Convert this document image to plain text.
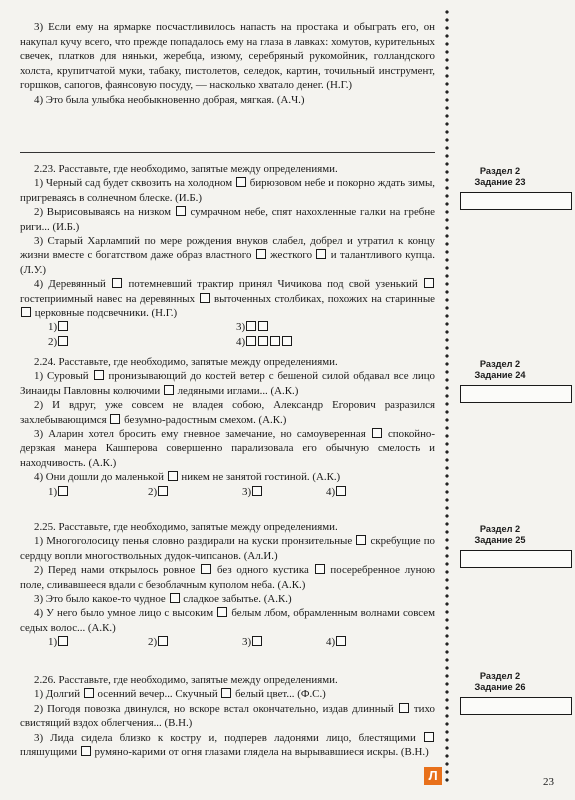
3) Если ему на ярмарке посчастливилось напасть на простака и обыграть его, он накупал кучу всего, что прежде попадалось ему на глаза в лавках: хомутов, курительных свечек, платков для няньки, жеребца, изюму, серебряный рукомойник, голландского холста, крупитчатой муки, табаку, пистолетов, селедок, картин, точильный инструмент, горшков, сапогов, фаянсовую посуду, — насколько хватало денег. (Н.Г.)

4) Это была улыбка необыкновенно добрая, мягкая. (А.Ч.)

2.23. Расставьте, где необходимо, запятые между определениями.

1) Черный сад будет сквозить на холодном  бирюзовом небе и покорно ждать зимы, пригреваясь в солнечном блеске. (И.Б.)

2) Вырисовываясь на низком  сумрачном небе, спят нахохленные галки на гребне риги... (И.Б.)

3) Старый Харлампий по мере рождения внуков слабел, добрел и утратил к концу жизни вместе с богатством даже образ властного  жесткого  и талантливого купца. (Л.У.)

4) Деревянный  потемневший трактир принял Чичикова под свой узенький  гостеприимный навес на деревянных  выточенных столбиках, похожих на старинные  церковные подсвечники. (Н.Г.)

1)	3)
2)	4)

2.24. Расставьте, где необходимо, запятые между определениями.

1) Суровый  пронизывающий до костей ветер с бешеной силой обдавал все лицо Зинаиды Павловны колючими  ледяными иглами... (А.К.)

2) И вдруг, уже совсем не владея собою, Александр Егорович разразился захлебывающимся  безумно-радостным смехом. (А.К.)

3) Аларин хотел бросить ему гневное замечание, но самоуверенная  спокойно-дерзкая манера Кашперова совершенно парализовала его обычную смелость и находчивость. (А.К.)

4) Они дошли до маленькой  никем не занятой гостиной. (А.К.)

1)	2)	3)	4)

2.25. Расставьте, где необходимо, запятые между определениями.

1) Многоголосицу пенья словно раздирали на куски пронзительные  скребущие по сердцу вопли многоствольных дудок-чипсанов. (Ал.И.)

2) Перед нами открылось ровное  без одного кустика  посеребренное луною поле, сливавшееся вдали с безоблачным куполом неба. (А.К.)

3) Это было какое-то чудное  сладкое забытье. (А.К.)

4) У него было умное лицо с высоким  белым лбом, обрамленным волнами совсем седых волос... (А.К.)

1)	2)	3)	4)

2.26. Расставьте, где необходимо, запятые между определениями.

1) Долгий  осенний вечер... Скучный  белый цвет... (Ф.С.)

2) Погодя повозка двинулся, но вскоре встал окончательно, издав длинный  тихо свистящий вздох облегчения... (В.Н.)

3) Лида сидела близко к костру и, подперев ладонями лицо, блестящими  пляшущими  румяно-карими от огня глазами глядела на вырывавшиеся искры. (В.Н.)

Раздел 2
Задание 23
Раздел 2
Задание 24
Раздел 2
Задание 25
Раздел 2
Задание 26
Л	23
